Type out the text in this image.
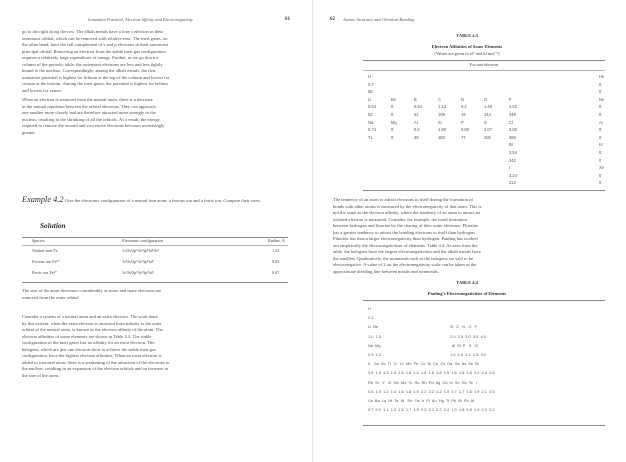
Ionization Potential, Electron Affinity and Electronegativity	61
go to the right along the row. The alkali metals have a lone s electron in their
outermost orbital, which can be removed with relative ease. The inert gases, on
the other hand, have the full complement of s and p electrons in their outermost
principal orbital. Removing an electron from the stable inert gas configuration
requires a relatively large expenditure of energy. Further, as we go down a
column of the periodic table, the outermost electrons are less and less tightly
bound to the nucleus. Correspondingly, among the alkali metals, the first
ionization potential is highest for lithium at the top of the column and lowest for
cesium at the bottom. Among the inert gases, the potential is highest for helium
and lowest for xenon.
When an electron is removed from the neutral atom, there is a decrease
in the mutual repulsion between the orbital electrons. They can approach
one another more closely and are therefore attracted more strongly to the
nucleus, resulting in the shrinking of all the orbitals. As a result, the energy
required to remove the second and successive electrons becomes increasingly
greater.
Example 4.2 Give the electronic configuration of a neutral iron atom, a ferrous ion and a ferric ion. Compare their sizes.
Solution
Species	Electronic configuration	Radius, Å
Neutral iron Fe	1s²2s²2p⁶3s²3p⁶3d⁶4s²	1.24
Ferrous ion Fe²⁺	1s²2s²2p⁶3s²3p⁶3d⁶	0.83
Ferric ion Fe³⁺	1s²2s²2p⁶3s²3p⁶3d⁵	0.67
The size of the atom decreases considerably as more and more electrons are
removed from the outer orbital.
Consider a system of a neutral atom and an extra electron. The work done
by this system, when the extra electron is attracted from infinity to the outer
orbital of the neutral atom, is known as the electron affinity of the atom. The
electron affinities of some elements are shown in Table 4.3. The stable
configuration of the inert gases has no affinity for an extra electron. The
halogens, which are just one electron short to achieve the stable inert gas
configuration, have the highest electron affinities. When an extra electron is
added to a neutral atom, there is a weakening of the attraction of the electrons to
the nucleus, resulting in an expansion of the electron orbitals and an increase in
the size of the atom.
62 Atomic Structure and Chemical Bonding
TABLE 4.3
Electron Affinities of Some Elements
(Values are given in eV and kJ mol⁻¹)
For one electron
H	He
0.7	0
68	0
Li	Be	B	C	N	O	F	Ne
0.54	0	0.54	1.13	0.2	1.48	3.62	0
52	0	52	109	19	143	349	0
Na	Mg	Al	Si	P	S	Cl	Ar
0.74	0	0.4	1.90	0.80	2.07	3.82	0
71	0	39	183	77	200	369	0
Br	Kr
3.54	0
342	0
I	Xe
3.24	0
313	0
The tendency of an atom to attract electrons to itself during the formation of
bonds with other atoms is measured by the electronegativity of that atom. This is
not the same as the electron affinity, where the tendency of an atom to attract an
isolated electron is measured. Consider, for example, the bond formation
between hydrogen and fluorine by the sharing of their outer electrons. Fluorine
has a greater tendency to attract the bonding electrons to itself than hydrogen.
Fluorine has thus a larger electronegativity than hydrogen. Pauling has worked
out empirically the electronegativities of elements, Table 4.4. As seen from the
table, the halogens have the largest electronegativities and the alkali metals have
the smallest. Qualitatively, the nonmetals such as the halogens are said to be
electronegative. A value of 2 on the electronegativity scale can be taken as the
approximate dividing line between metals and nonmetals.
TABLE 4.4
Pauling's Electronegativities of Elements
H
2.1
Li  Be                                                                   B   C   N   O   F
1.0  1.5                                                                2.0  2.5  3.0  3.5  4.0
Na  Mg                                                                  Al  Si  P   S   Cl
0.9  1.2                                                                1.5  1.8  2.1  2.5  3.0
K   Ca  Sc  Ti   V   Cr  Mn  Fe  Co  Ni  Cu  Zn  Ga  Ge  As  Se  Br
0.8  1.0  1.3  1.5  1.6  1.6  1.5  1.8  1.8  1.8  1.9  1.6  1.6  1.8  2.0  2.4  2.8
Rb  Sr   Y   Zr  Nb  Mo  Tc  Ru  Rh  Pd  Ag  Cd  In  Sn  Sb  Te   I
0.8  1.0  1.2  1.4  1.6  1.8  1.9  2.2  2.2  2.2  1.9  1.7  1.7  1.8  1.9  2.1  2.5
Cs  Ba  La  Hf  Ta  W   Re  Os  Ir  Pt  Au  Hg  Tl  Pb  Bi  Po  At
0.7  0.9  1.1  1.3  1.5  1.7  1.9  2.2  2.2  2.2  2.4  1.9  1.8  1.8  1.9  2.0  2.2
